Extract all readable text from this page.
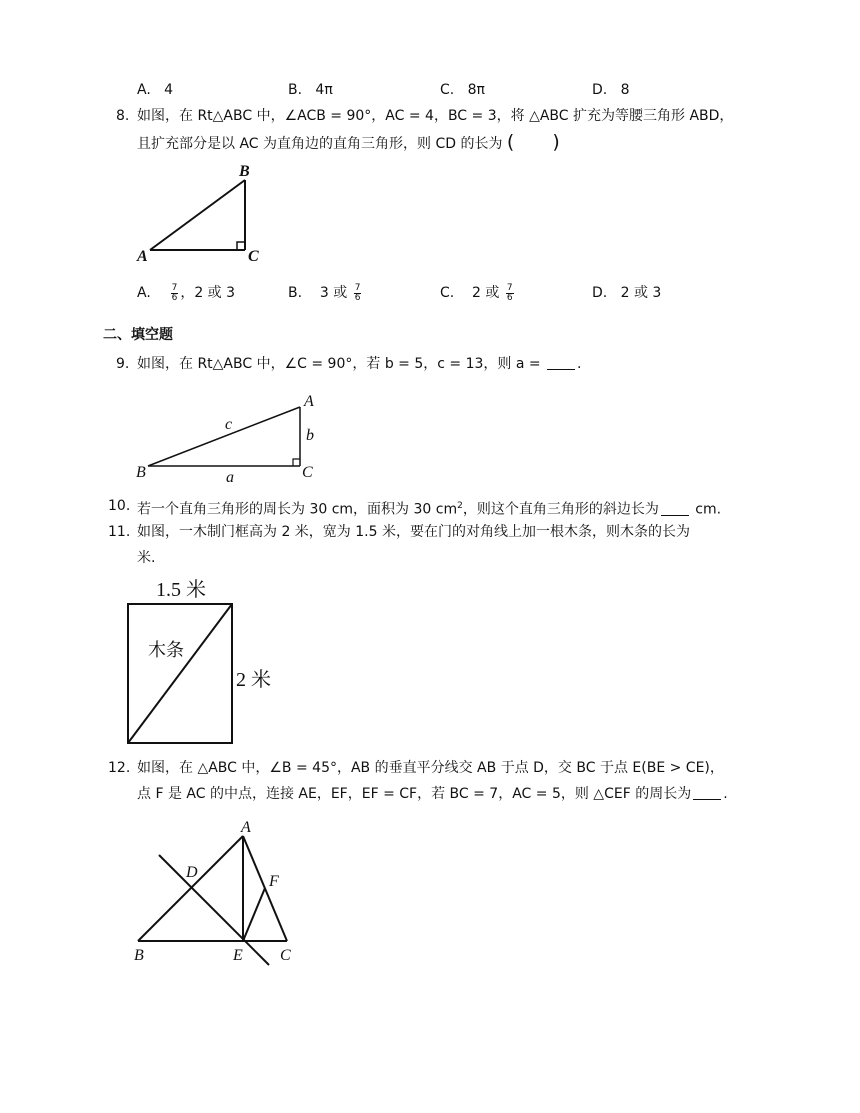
A. 4	B. 4π	C. 8π	D. 8
8. 如图，在 Rt△ABC 中，∠ACB = 90°，AC = 4，BC = 3，将 △ABC 扩充为等腰三角形 ABD，
且扩充部分是以 AC 为直角边的直角三角形，则 CD 的长为 (　　)
B
A	C
A. $\frac{7}{6}$ ，2 或 3	B. 3 或 $\frac{7}{6}$	C. 2 或 $\frac{7}{6}$	D. 2 或 3
二、填空题
9. 如图，在 Rt△ABC 中，∠C = 90°，若 b = 5，c = 13，则 a =	.
A
B	C
c
b
a
10. 若一个直角三角形的周长为 30 cm，面积为 30 $cm^2$，则这个直角三角形的斜边长为	cm.
11. 如图，一木制门框高为 2 米，宽为 1.5 米，要在门的对角线上加一根木条，则木条的长为
米.
1.5 米
2 米
木条
12. 如图，在 △ABC 中，∠B = 45°，AB 的垂直平分线交 AB 于点 D，交 BC 于点 E(BE > CE)，
点 F 是 AC 的中点，连接 AE，EF，EF = CF，若 BC = 7，AC = 5，则 △CEF 的周长为 .
A
D
F
B	E C
